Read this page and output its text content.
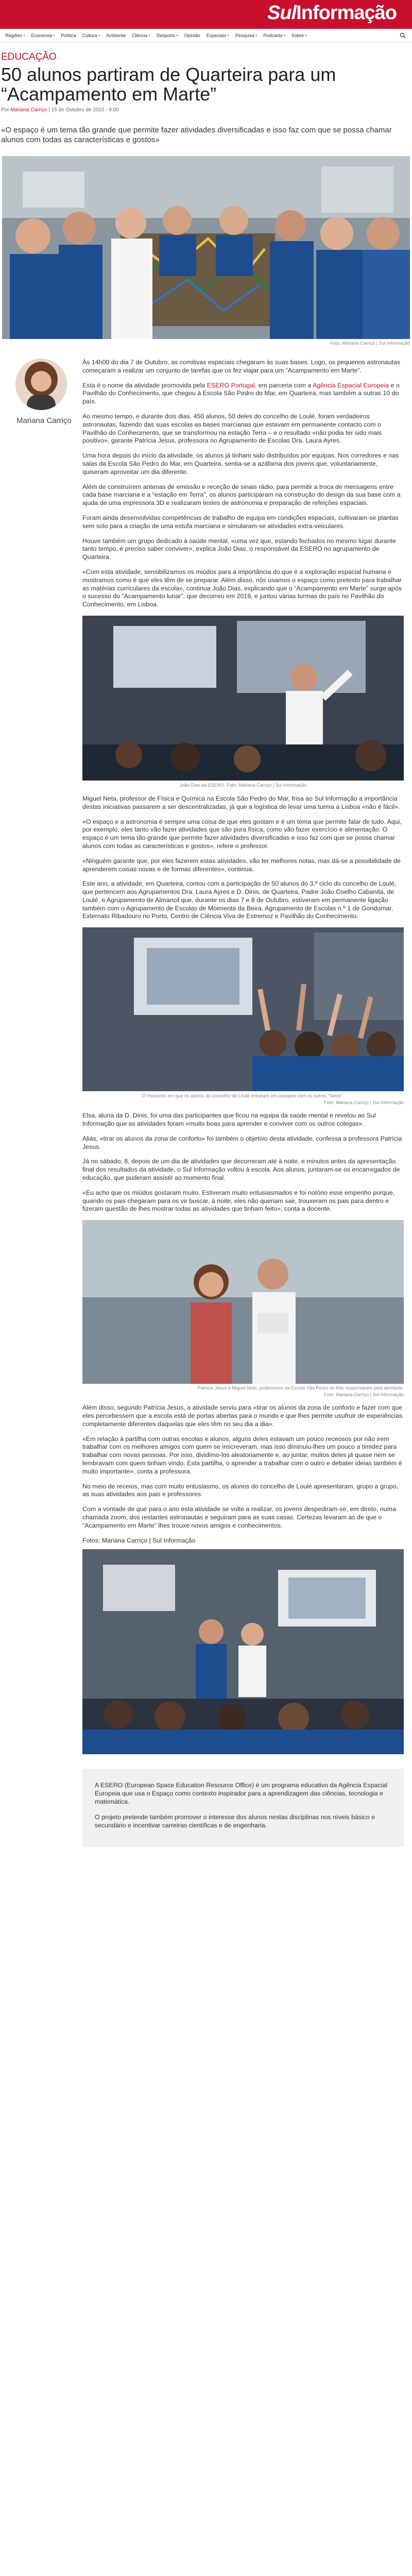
SulInformação
Regiões ▾ Economia ▾ Política Cultura ▾ Ambiente Ciência ▾ Desporto ▾ Opinião Especiais ▾ Pesquisa ▾ Podcasts ▾ Sobre ▾
EDUCAÇÃO
50 alunos partiram de Quarteira para um “Acampamento em Marte”
Por Mariana Carriço | 15 de Outubro de 2022 - 9:00

«O espaço é um tema tão grande que permite fazer atividades diversificadas e isso faz com que se possa chamar alunos com todas as características e gostos»

Foto: Mariana Carriço | Sul Informação
Mariana Carriço

Às 14h00 do dia 7 de Outubro, as comitivas espaciais chegaram às suas bases. Logo, os pequenos astronautas começaram a realizar um conjunto de tarefas que os fez viajar para um “Acampamento em Marte”.

Esta é o nome da atividade promovida pela ESERO Portugal, em parceria com a Agência Espacial Europeia e o Pavilhão do Conhecimento, que chegou à Escola São Pedro do Mar, em Quarteira, mas também a outras 10 do país.

Ao mesmo tempo, e durante dois dias, 450 alunos, 50 deles do concelho de Loulé, foram verdadeiros astronautas, fazendo das suas escolas as bases marcianas que estavam em permanente contacto com o Pavilhão do Conhecimento, que se transformou na estação Terra – e o resultado «não podia ter sido mais positivo», garante Patrícia Jesus, professora no Agrupamento de Escolas Dra. Laura Ayres.

Uma hora depois do início da atividade, os alunos já tinham sido distribuídos por equipas. Nos corredores e nas salas da Escola São Pedro do Mar, em Quarteira, sentia-se a azáfama dos jovens que, voluntariamente, quiseram aproveitar um dia diferente.

Além de construírem antenas de emissão e receção de sinais rádio, para permitir a troca de mensagens entre cada base marciana e a “estação em Terra”, os alunos participaram na construção do design da sua base com a ajuda de uma impressora 3D e realizaram testes de astronomia e preparação de refeições espaciais.

Foram ainda desenvolvidas competências de trabalho de equipa em condições espaciais, cultivaram-se plantas sem solo para a criação de uma estufa marciana e simularam-se atividades extra-veiculares.

Houve também um grupo dedicado à saúde mental, «uma vez que, estando fechados no mesmo lugar durante tanto tempo, é preciso saber conviver», explica João Dias, o responsável da ESERO no agrupamento de Quarteira.

«Com esta atividade, sensibilizamos os miúdos para a importância do que é a exploração espacial humana e mostramos como é que eles têm de se preparar. Além disso, nós usamos o espaço como pretexto para trabalhar as matérias curriculares da escola», continua João Dias, explicando que o “Acampamento em Marte” surge após o sucesso do “Acampamento lunar”, que decorreu em 2019, e juntou várias turmas do país no Pavilhão do Conhecimento, em Lisboa.

João Dias da ESERO. Foto: Mariana Carriço | Sul Informação

Miguel Neta, professor de Física e Química na Escola São Pedro do Mar, frisa ao Sul Informação a importância destas iniciativas passarem a ser descentralizadas, já que a logística de levar uma turma a Lisboa «não é fácil».

«O espaço e a astronomia é sempre uma coisa de que eles gostam e é um tema que permite falar de tudo. Aqui, por exemplo, eles tanto vão fazer atividades que são pura física, como vão fazer exercício e alimentação. O espaço é um tema tão grande que permite fazer atividades diversificadas e isso faz com que se possa chamar alunos com todas as características e gostos», refere o professor.

«Ninguém garante que, por eles fazerem estas atividades, vão ter melhores notas, mas dá-se a possibilidade de aprenderem coisas novas e de formas diferentes», continua.

Este ano, a atividade, em Quarteira, contou com a participação de 50 alunos do 3.º ciclo do concelho de Loulé, que pertencem aos Agrupamentos Dra. Laura Ayres e D. Dinis, de Quarteira, Padre João Coelho Cabanita, de Loulé, e Agrupamento de Almancil que, durante os dias 7 e 8 de Outubro, estiveram em permanente ligação também com o Agrupamento de Escolas de Moimenta da Beira, Agrupamento de Escolas n.º 1 de Gondomar, Externato Ribadouro no Porto, Centro de Ciência Viva de Estremoz e Pavilhão do Conhecimento.

O momento em que os alunos do concelho de Loulé entraram em contacto com os outros “Seres”.
Foto: Mariana Carriço | Sul Informação

Elsa, aluna da D. Dinis, foi uma das participantes que ficou na equipa da saúde mental e revelou ao Sul Informação que as atividades foram «muito boas para aprender e conviver com os outros colegas».

Aliás, «tirar os alunos da zona de conforto» foi também o objetivo desta atividade, confessa a professora Patrícia Jesus.

Já no sábado, 8, depois de um dia de atividades que decorreram até à noite, e minutos antes da apresentação final dos resultados da atividade, o Sul Informação voltou à escola. Aos alunos, juntaram-se os encarregados de educação, que puderam assistir ao momento final.

«Eu acho que os miúdos gostaram muito. Estiveram muito entusiasmados e foi notório esse empenho porque, quando os pais chegaram para os vir buscar, à noite, eles não queriam sair, trouxeram os pais para dentro e fizeram questão de lhes mostrar todas as atividades que tinham feito», conta a docente.

Patrícia Jesus e Miguel Neto, professores da Escola São Pedro do Mar responsáveis pela atividade.
Foto: Mariana Carriço | Sul Informação

Além disso, segundo Patrícia Jesus, a atividade serviu para «tirar os alunos da zona de conforto e fazer com que eles percebessem que a escola está de portas abertas para o mundo e que lhes permite usufruir de experiências completamente diferentes daquelas que eles têm no seu dia a dia».

«Em relação à partilha com outras escolas e alunos, alguns deles estavam um pouco receosos por não irem trabalhar com os melhores amigos com quem se inscreveram, mas isso diminuiu-lhes um pouco a timidez para trabalhar com novas pessoas. Por isso, dividimo-los aleatoriamente e, ao juntar, muitos deles já quase nem se lembravam com quem tinham vindo. Esta partilha, o aprender a trabalhar com o outro e debater ideias também é muito importante», conta a professora.

No meio de receios, mas com muito entusiasmo, os alunos do concelho de Loulé apresentaram, grupo a grupo, as suas atividades aos pais e professores.

Com a vontade de que para o ano esta atividade se volte a realizar, os jovens despediram-se, em direto, numa chamada zoom, dos restantes astronautas e seguiram para as suas casas. Certezas levaram as de que o “Acampamento em Marte” lhes trouxe novos amigos e conhecimentos.

Fotos: Mariana Carriço | Sul Informação

A ESERO (European Space Education Resource Office) é um programa educativo da Agência Espacial Europeia que usa o Espaço como contexto inspirador para a aprendizagem das ciências, tecnologia e matemática.

O projeto pretende também promover o interesse dos alunos nestas disciplinas nos níveis básico e secundário e incentivar carreiras científicas e de engenharia.
